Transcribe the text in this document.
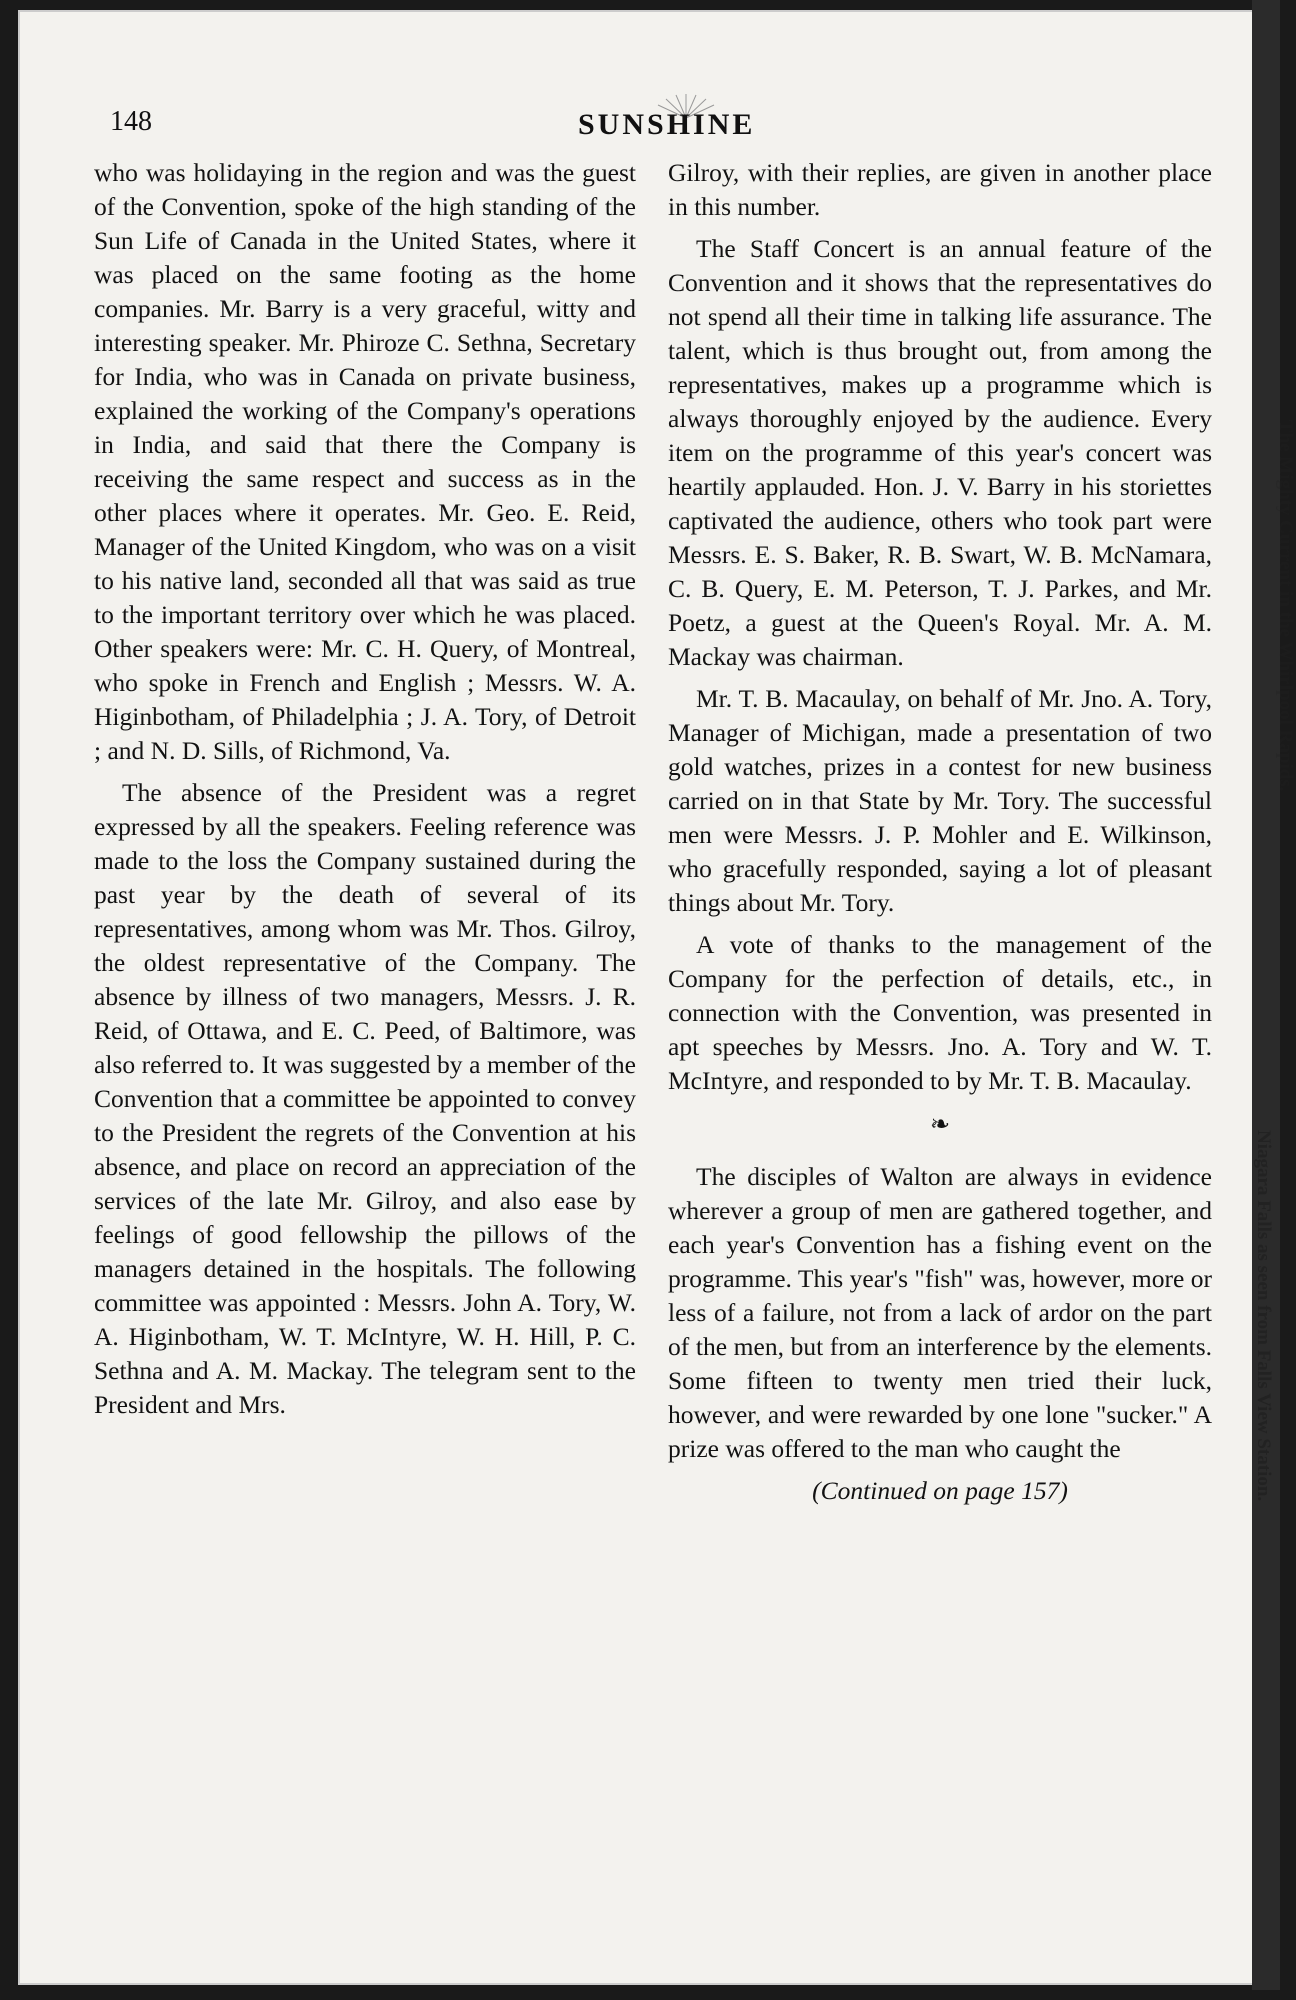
148	SUNSHINE

who was holidaying in the region and was the guest of the Convention, spoke of the high standing of the Sun Life of Canada in the United States, where it was placed on the same footing as the home companies. Mr. Barry is a very graceful, witty and interesting speaker. Mr. Phiroze C. Sethna, Secretary for India, who was in Canada on private business, explained the working of the Company's operations in India, and said that there the Company is receiving the same respect and success as in the other places where it operates. Mr. Geo. E. Reid, Manager of the United Kingdom, who was on a visit to his native land, seconded all that was said as true to the important territory over which he was placed. Other speakers were: Mr. C. H. Query, of Montreal, who spoke in French and English ; Messrs. W. A. Higinbotham, of Philadelphia ; J. A. Tory, of Detroit ; and N. D. Sills, of Richmond, Va.

The absence of the President was a regret expressed by all the speakers. Feeling reference was made to the loss the Company sustained during the past year by the death of several of its representatives, among whom was Mr. Thos. Gilroy, the oldest representative of the Company. The absence by illness of two managers, Messrs. J. R. Reid, of Ottawa, and E. C. Peed, of Baltimore, was also referred to. It was suggested by a member of the Convention that a committee be appointed to convey to the President the regrets of the Convention at his absence, and place on record an appreciation of the services of the late Mr. Gilroy, and also ease by feelings of good fellowship the pillows of the managers detained in the hospitals. The following committee was appointed : Messrs. John A. Tory, W. A. Higinbotham, W. T. McIntyre, W. H. Hill, P. C. Sethna and A. M. Mackay. The telegram sent to the President and Mrs.

Gilroy, with their replies, are given in another place in this number.

The Staff Concert is an annual feature of the Convention and it shows that the representatives do not spend all their time in talking life assurance. The talent, which is thus brought out, from among the representatives, makes up a programme which is always thoroughly enjoyed by the audience. Every item on the programme of this year's concert was heartily applauded. Hon. J. V. Barry in his storiettes captivated the audience, others who took part were Messrs. E. S. Baker, R. B. Swart, W. B. McNamara, C. B. Query, E. M. Peterson, T. J. Parkes, and Mr. Poetz, a guest at the Queen's Royal. Mr. A. M. Mackay was chairman.

Mr. T. B. Macaulay, on behalf of Mr. Jno. A. Tory, Manager of Michigan, made a presentation of two gold watches, prizes in a contest for new business carried on in that State by Mr. Tory. The successful men were Messrs. J. P. Mohler and E. Wilkinson, who gracefully responded, saying a lot of pleasant things about Mr. Tory.

A vote of thanks to the management of the Company for the perfection of details, etc., in connection with the Convention, was presented in apt speeches by Messrs. Jno. A. Tory and W. T. McIntyre, and responded to by Mr. T. B. Macaulay.

❧

The disciples of Walton are always in evidence wherever a group of men are gathered together, and each year's Convention has a fishing event on the programme. This year's "fish" was, however, more or less of a failure, not from a lack of ardor on the part of the men, but from an interference by the elements. Some fifteen to twenty men tried their luck, however, and were rewarded by one lone "sucker." A prize was offered to the man who caught the

(Continued on page 157)
The Mighty Current in the Whirlpool Rapids.
Niagara Falls as seen from Falls View Station.
